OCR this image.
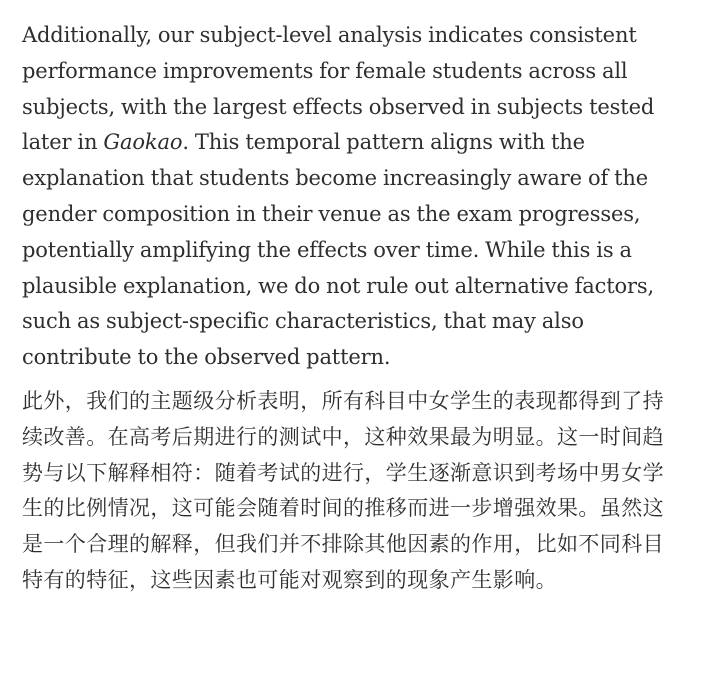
Additionally, our subject-level analysis indicates consistent performance improvements for female students across all subjects, with the largest effects observed in subjects tested later in Gaokao. This temporal pattern aligns with the explanation that students become increasingly aware of the gender composition in their venue as the exam progresses, potentially amplifying the effects over time. While this is a plausible explanation, we do not rule out alternative factors, such as subject-specific characteristics, that may also contribute to the observed pattern.

此外，我们的主题级分析表明，所有科目中女学生的表现都得到了持续改善。在高考后期进行的测试中，这种效果最为明显。这一时间趋势与以下解释相符：随着考试的进行，学生逐渐意识到考场中男女学生的比例情况，这可能会随着时间的推移而进一步增强效果。虽然这是一个合理的解释，但我们并不排除其他因素的作用，比如不同科目特有的特征，这些因素也可能对观察到的现象产生影响。
